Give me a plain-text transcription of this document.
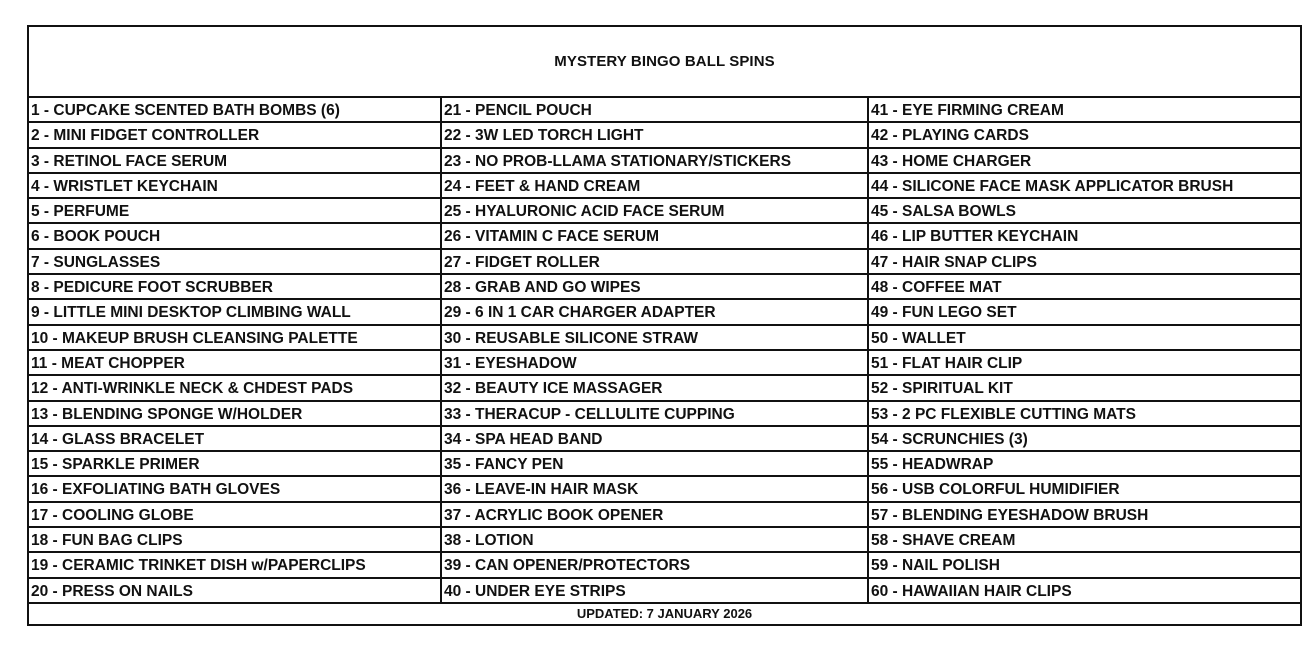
MYSTERY BINGO BALL SPINS
1 - CUPCAKE SCENTED BATH BOMBS (6)
2 - MINI FIDGET CONTROLLER
3 - RETINOL FACE SERUM
4 - WRISTLET KEYCHAIN
5 - PERFUME
6 - BOOK POUCH
7 - SUNGLASSES
8 - PEDICURE FOOT SCRUBBER
9 - LITTLE MINI DESKTOP CLIMBING WALL
10 - MAKEUP BRUSH CLEANSING PALETTE
11 - MEAT CHOPPER
12 - ANTI-WRINKLE NECK & CHDEST PADS
13 - BLENDING SPONGE W/HOLDER
14 - GLASS BRACELET
15 - SPARKLE PRIMER
16 - EXFOLIATING BATH GLOVES
17 - COOLING GLOBE
18 - FUN BAG CLIPS
19 - CERAMIC TRINKET DISH w/PAPERCLIPS
20 - PRESS ON NAILS
21 - PENCIL POUCH
22 - 3W LED TORCH LIGHT
23 - NO PROB-LLAMA STATIONARY/STICKERS
24 - FEET & HAND CREAM
25 - HYALURONIC ACID FACE SERUM
26 - VITAMIN C FACE SERUM
27 - FIDGET ROLLER
28 - GRAB AND GO WIPES
29 - 6 IN 1 CAR CHARGER ADAPTER
30 - REUSABLE SILICONE STRAW
31 - EYESHADOW
32 - BEAUTY ICE MASSAGER
33 - THERACUP - CELLULITE CUPPING
34 - SPA HEAD BAND
35 - FANCY PEN
36 - LEAVE-IN HAIR MASK
37 - ACRYLIC BOOK OPENER
38 - LOTION
39 - CAN OPENER/PROTECTORS
40 - UNDER EYE STRIPS
41 - EYE FIRMING CREAM
42 - PLAYING CARDS
43 - HOME CHARGER
44 - SILICONE FACE MASK APPLICATOR BRUSH
45 - SALSA BOWLS
46 - LIP BUTTER KEYCHAIN
47 - HAIR SNAP CLIPS
48 - COFFEE MAT
49 - FUN LEGO SET
50 - WALLET
51 - FLAT HAIR CLIP
52 - SPIRITUAL KIT
53 - 2 PC FLEXIBLE CUTTING MATS
54 - SCRUNCHIES (3)
55 - HEADWRAP
56 - USB COLORFUL HUMIDIFIER
57 - BLENDING EYESHADOW BRUSH
58 - SHAVE CREAM
59 - NAIL POLISH
60 - HAWAIIAN HAIR CLIPS
UPDATED: 7 JANUARY 2026
